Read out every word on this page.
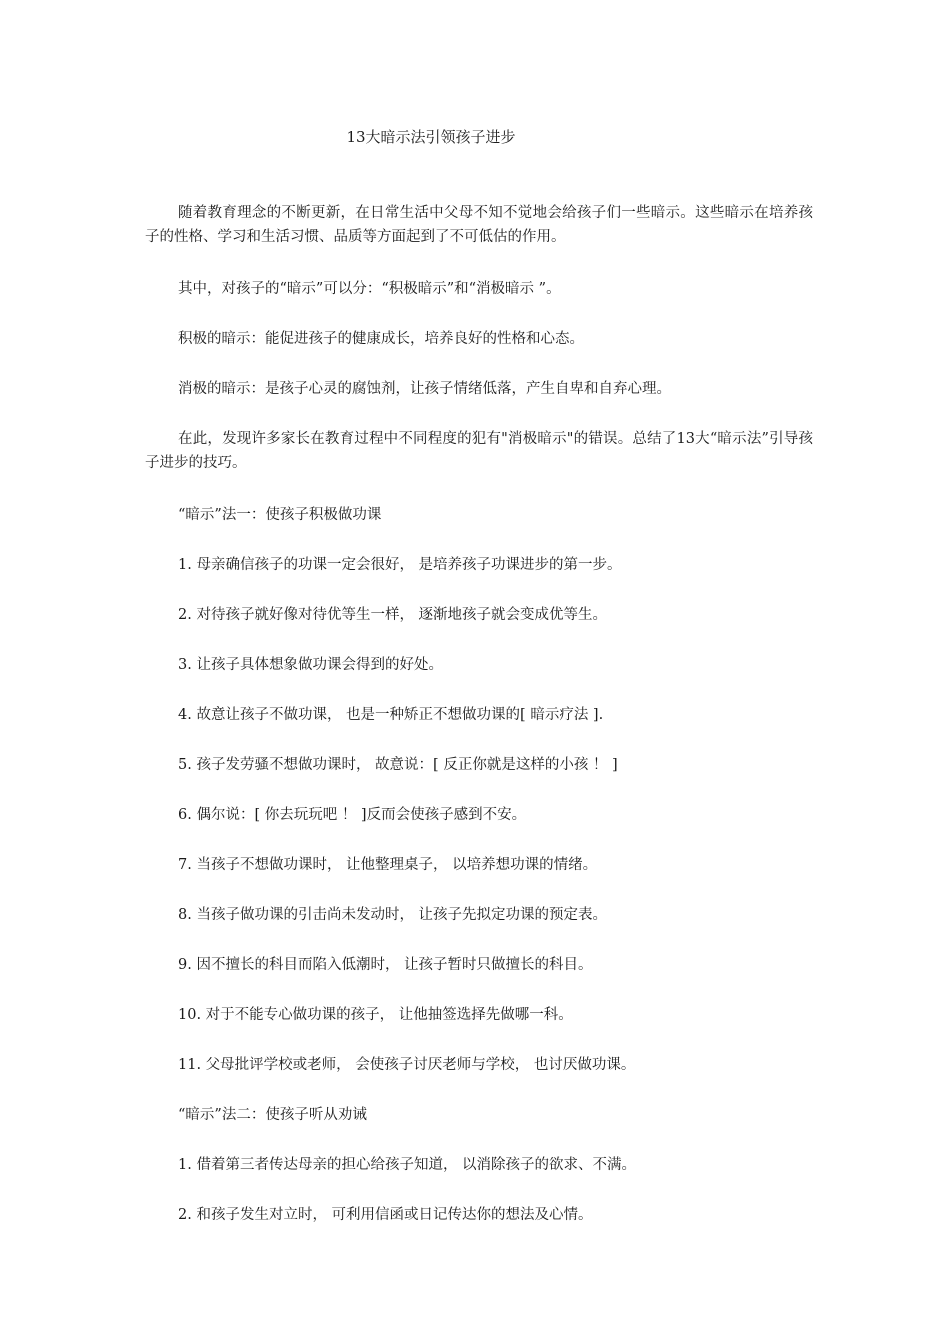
13大暗示法引领孩子进步

随着教育理念的不断更新，在日常生活中父母不知不觉地会给孩子们一些暗示。这些暗示在培养孩子的性格、学习和生活习惯、品质等方面起到了不可低估的作用。

其中，对孩子的“暗示”可以分：“积极暗示”和“消极暗示 ”。

积极的暗示：能促进孩子的健康成长，培养良好的性格和心态。

消极的暗示：是孩子心灵的腐蚀剂，让孩子情绪低落，产生自卑和自弃心理。

在此，发现许多家长在教育过程中不同程度的犯有"消极暗示"的错误。总结了13大“暗示法”引导孩子进步的技巧。

“暗示”法一：使孩子积极做功课

1. 母亲确信孩子的功课一定会很好， 是培养孩子功课进步的第一步。

2. 对待孩子就好像对待优等生一样， 逐渐地孩子就会变成优等生。

3. 让孩子具体想象做功课会得到的好处。

4. 故意让孩子不做功课， 也是一种矫正不想做功课的[ 暗示疗法 ].

5. 孩子发劳骚不想做功课时， 故意说：[ 反正你就是这样的小孩 ！ ]

6. 偶尔说：[ 你去玩玩吧 ！ ]反而会使孩子感到不安。

7. 当孩子不想做功课时， 让他整理桌子， 以培养想功课的情绪。

8. 当孩子做功课的引击尚未发动时， 让孩子先拟定功课的预定表。

9. 因不擅长的科目而陷入低潮时， 让孩子暂时只做擅长的科目。

10. 对于不能专心做功课的孩子， 让他抽签选择先做哪一科。

11. 父母批评学校或老师， 会使孩子讨厌老师与学校， 也讨厌做功课。

“暗示”法二：使孩子听从劝诫

1. 借着第三者传达母亲的担心给孩子知道， 以消除孩子的欲求、不满。

2. 和孩子发生对立时， 可利用信函或日记传达你的想法及心情。
